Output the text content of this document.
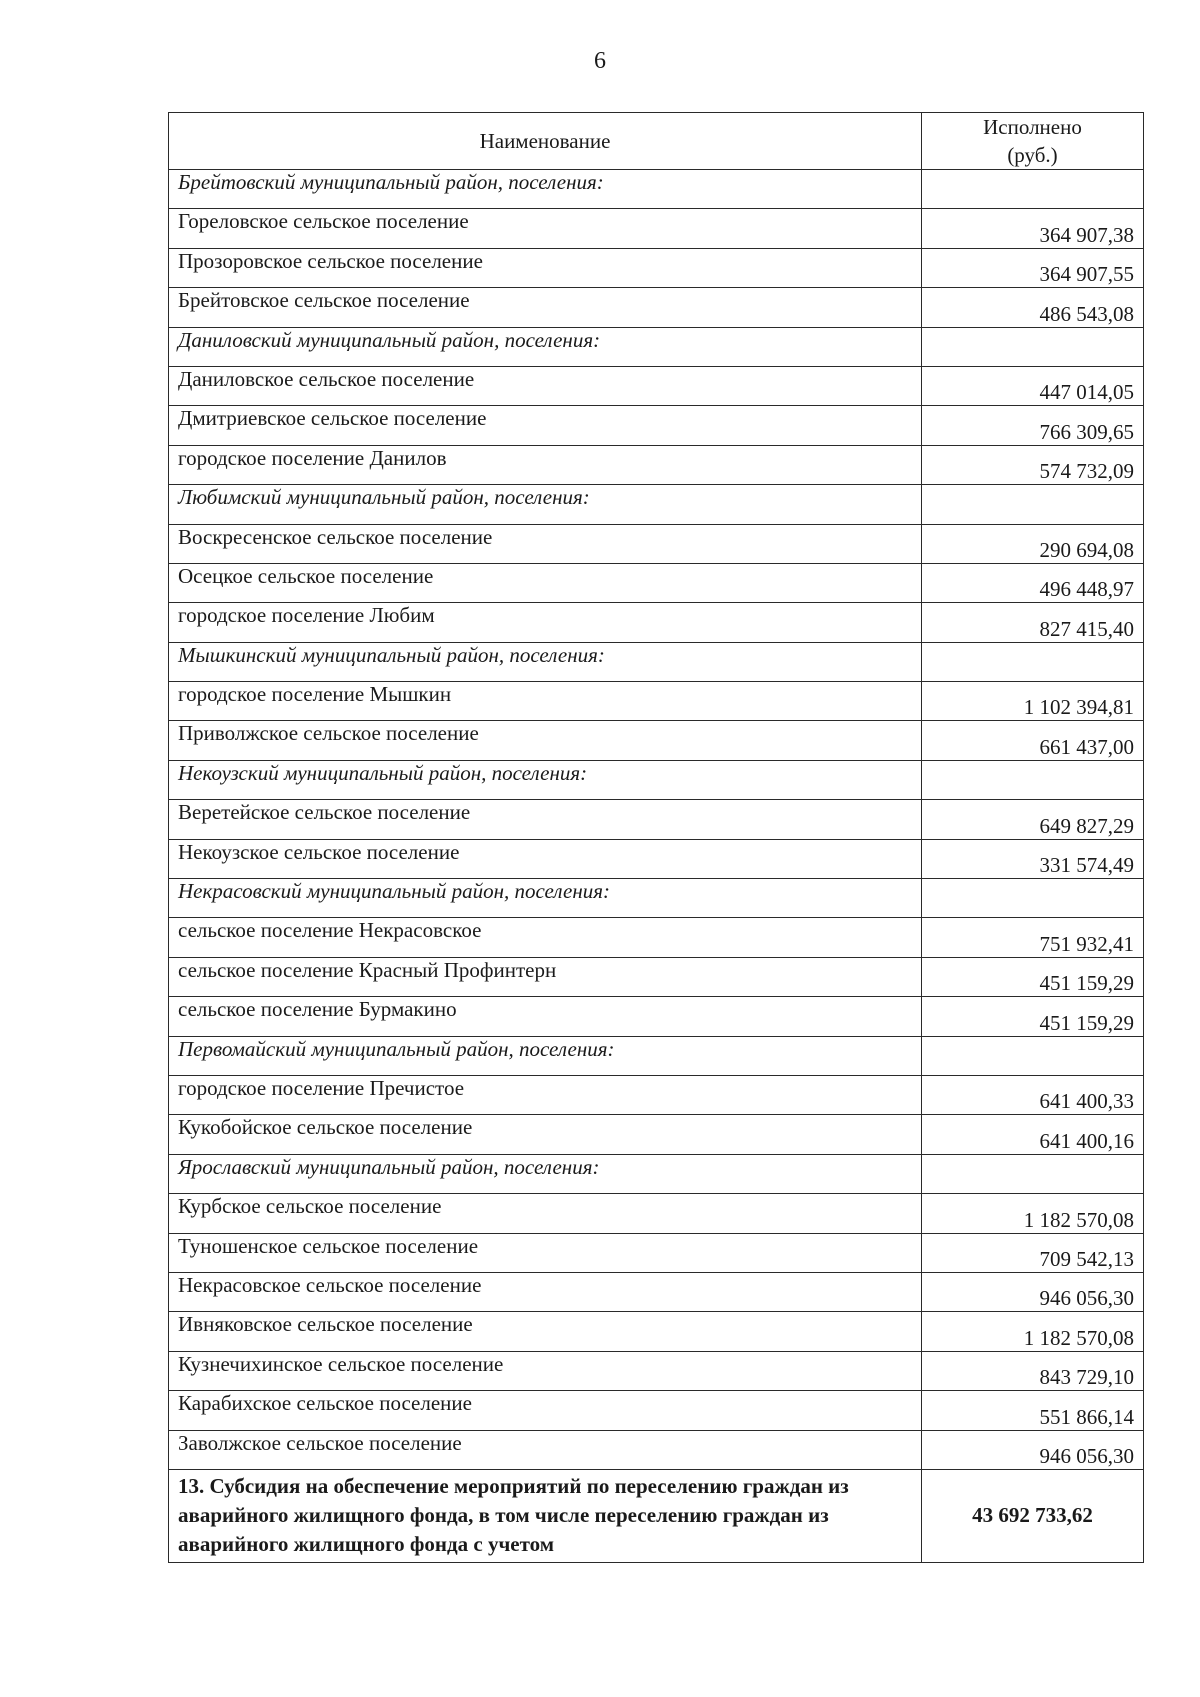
6
Наименование	Исполнено
(руб.)
Брейтовский муниципальный район, поселения:	
Гореловское сельское поселение	364 907,38
Прозоровское сельское поселение	364 907,55
Брейтовское сельское поселение	486 543,08
Даниловский муниципальный район, поселения:	
Даниловское сельское поселение	447 014,05
Дмитриевское сельское поселение	766 309,65
городское поселение Данилов	574 732,09
Любимский муниципальный район, поселения:	
Воскресенское сельское поселение	290 694,08
Осецкое сельское поселение	496 448,97
городское поселение Любим	827 415,40
Мышкинский муниципальный район, поселения:	
городское поселение Мышкин	1 102 394,81
Приволжское сельское поселение	661 437,00
Некоузский муниципальный район, поселения:	
Веретейское сельское поселение	649 827,29
Некоузское сельское поселение	331 574,49
Некрасовский муниципальный район, поселения:	
сельское поселение Некрасовское	751 932,41
сельское поселение Красный Профинтерн	451 159,29
сельское поселение Бурмакино	451 159,29
Первомайский муниципальный район, поселения:	
городское поселение Пречистое	641 400,33
Кукобойское сельское поселение	641 400,16
Ярославский муниципальный район, поселения:	
Курбское сельское поселение	1 182 570,08
Туношенское сельское поселение	709 542,13
Некрасовское сельское поселение	946 056,30
Ивняковское сельское поселение	1 182 570,08
Кузнечихинское сельское поселение	843 729,10
Карабихское сельское поселение	551 866,14
Заволжское сельское поселение	946 056,30
13. Субсидия на обеспечение мероприятий по переселению граждан из аварийного жилищного фонда, в том числе переселению граждан из аварийного жилищного фонда с учетом	43 692 733,62
